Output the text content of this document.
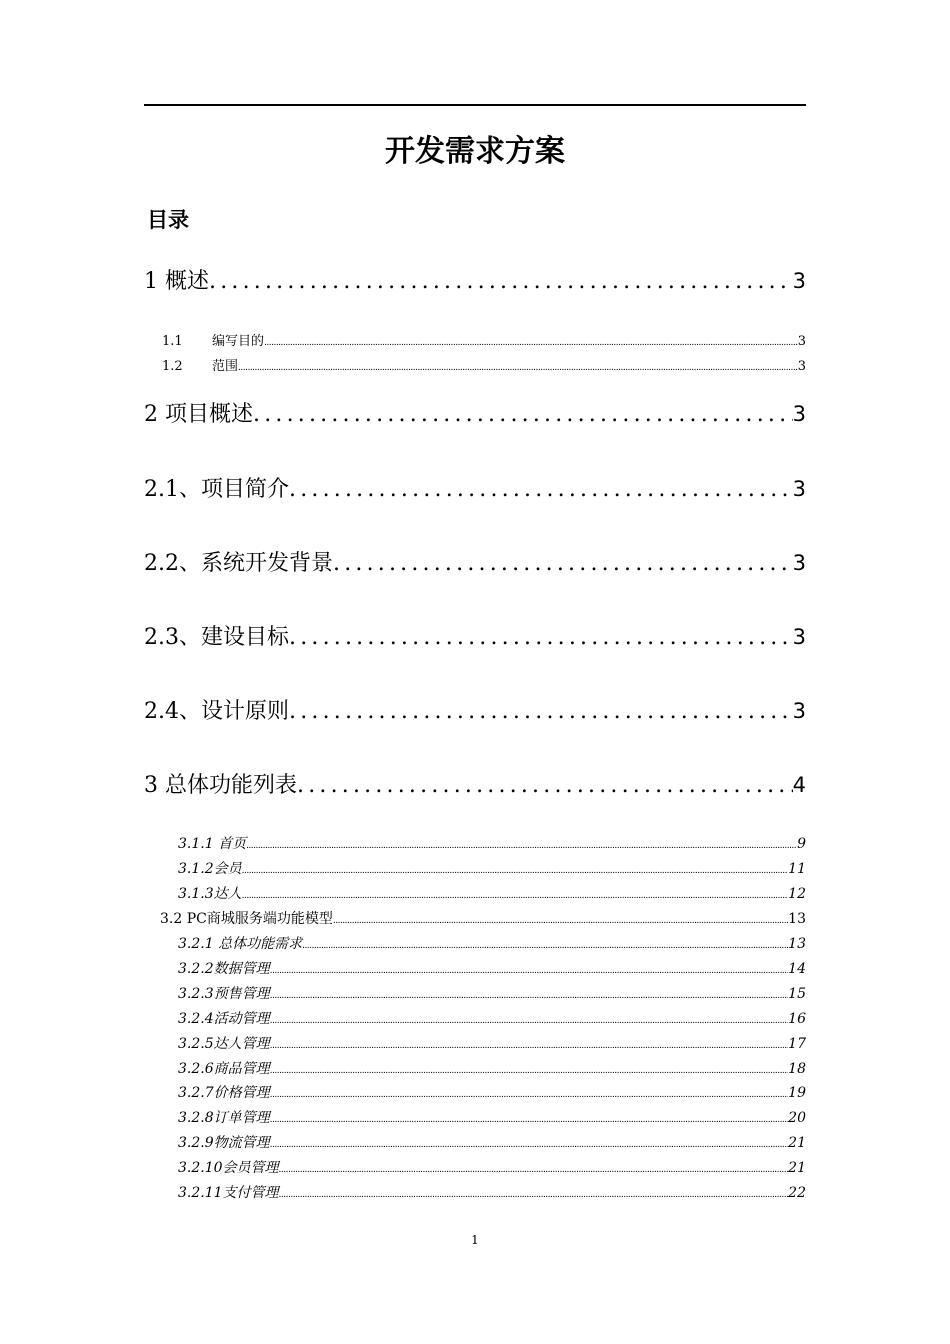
开发需求方案
目录
1 概述 .....	3
1.1 编写目的 .....	3
1.2 范围 .....	3
2 项目概述 .....	3
2.1、项目简介 .....	3
2.2、系统开发背景 .....	3
2.3、建设目标 .....	3
2.4、设计原则 .....	3
3 总体功能列表 .....	4
3.1.1 首页 .....	9
3.1.2会员 .....	11
3.1.3达人 .....	12
3.2 PC商城服务端功能模型 .....	13
3.2.1 总体功能需求 .....	13
3.2.2数据管理 .....	14
3.2.3预售管理 .....	15
3.2.4活动管理 .....	16
3.2.5达人管理 .....	17
3.2.6商品管理 .....	18
3.2.7价格管理 .....	19
3.2.8订单管理 .....	20
3.2.9物流管理 .....	21
3.2.10会员管理 .....	21
3.2.11支付管理 .....	22
1
